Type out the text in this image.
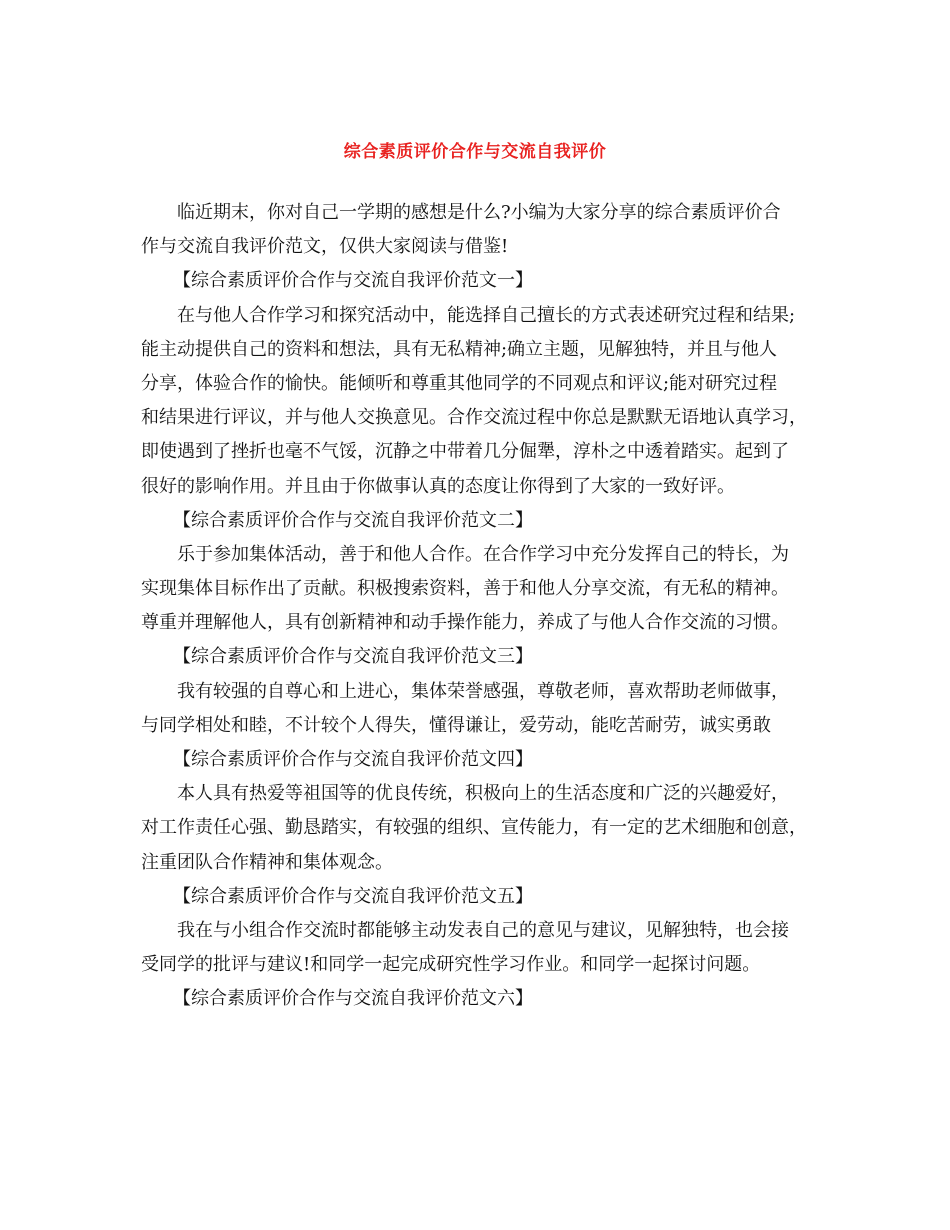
综合素质评价合作与交流自我评价
临近期末，你对自己一学期的感想是什么?小编为大家分享的综合素质评价合
作与交流自我评价范文，仅供大家阅读与借鉴!
【综合素质评价合作与交流自我评价范文一】
在与他人合作学习和探究活动中，能选择自己擅长的方式表述研究过程和结果;
能主动提供自己的资料和想法，具有无私精神;确立主题，见解独特，并且与他人
分享，体验合作的愉快。能倾听和尊重其他同学的不同观点和评议;能对研究过程
和结果进行评议，并与他人交换意见。合作交流过程中你总是默默无语地认真学习，
即使遇到了挫折也毫不气馁，沉静之中带着几分倔犟，淳朴之中透着踏实。起到了
很好的影响作用。并且由于你做事认真的态度让你得到了大家的一致好评。
【综合素质评价合作与交流自我评价范文二】
乐于参加集体活动，善于和他人合作。在合作学习中充分发挥自己的特长，为
实现集体目标作出了贡献。积极搜索资料，善于和他人分享交流，有无私的精神。
尊重并理解他人，具有创新精神和动手操作能力，养成了与他人合作交流的习惯。
【综合素质评价合作与交流自我评价范文三】
我有较强的自尊心和上进心，集体荣誉感强，尊敬老师，喜欢帮助老师做事，
与同学相处和睦，不计较个人得失，懂得谦让，爱劳动，能吃苦耐劳，诚实勇敢
【综合素质评价合作与交流自我评价范文四】
本人具有热爱等祖国等的优良传统，积极向上的生活态度和广泛的兴趣爱好，
对工作责任心强、勤恳踏实，有较强的组织、宣传能力，有一定的艺术细胞和创意，
注重团队合作精神和集体观念。
【综合素质评价合作与交流自我评价范文五】
我在与小组合作交流时都能够主动发表自己的意见与建议，见解独特，也会接
受同学的批评与建议!和同学一起完成研究性学习作业。和同学一起探讨问题。
【综合素质评价合作与交流自我评价范文六】
